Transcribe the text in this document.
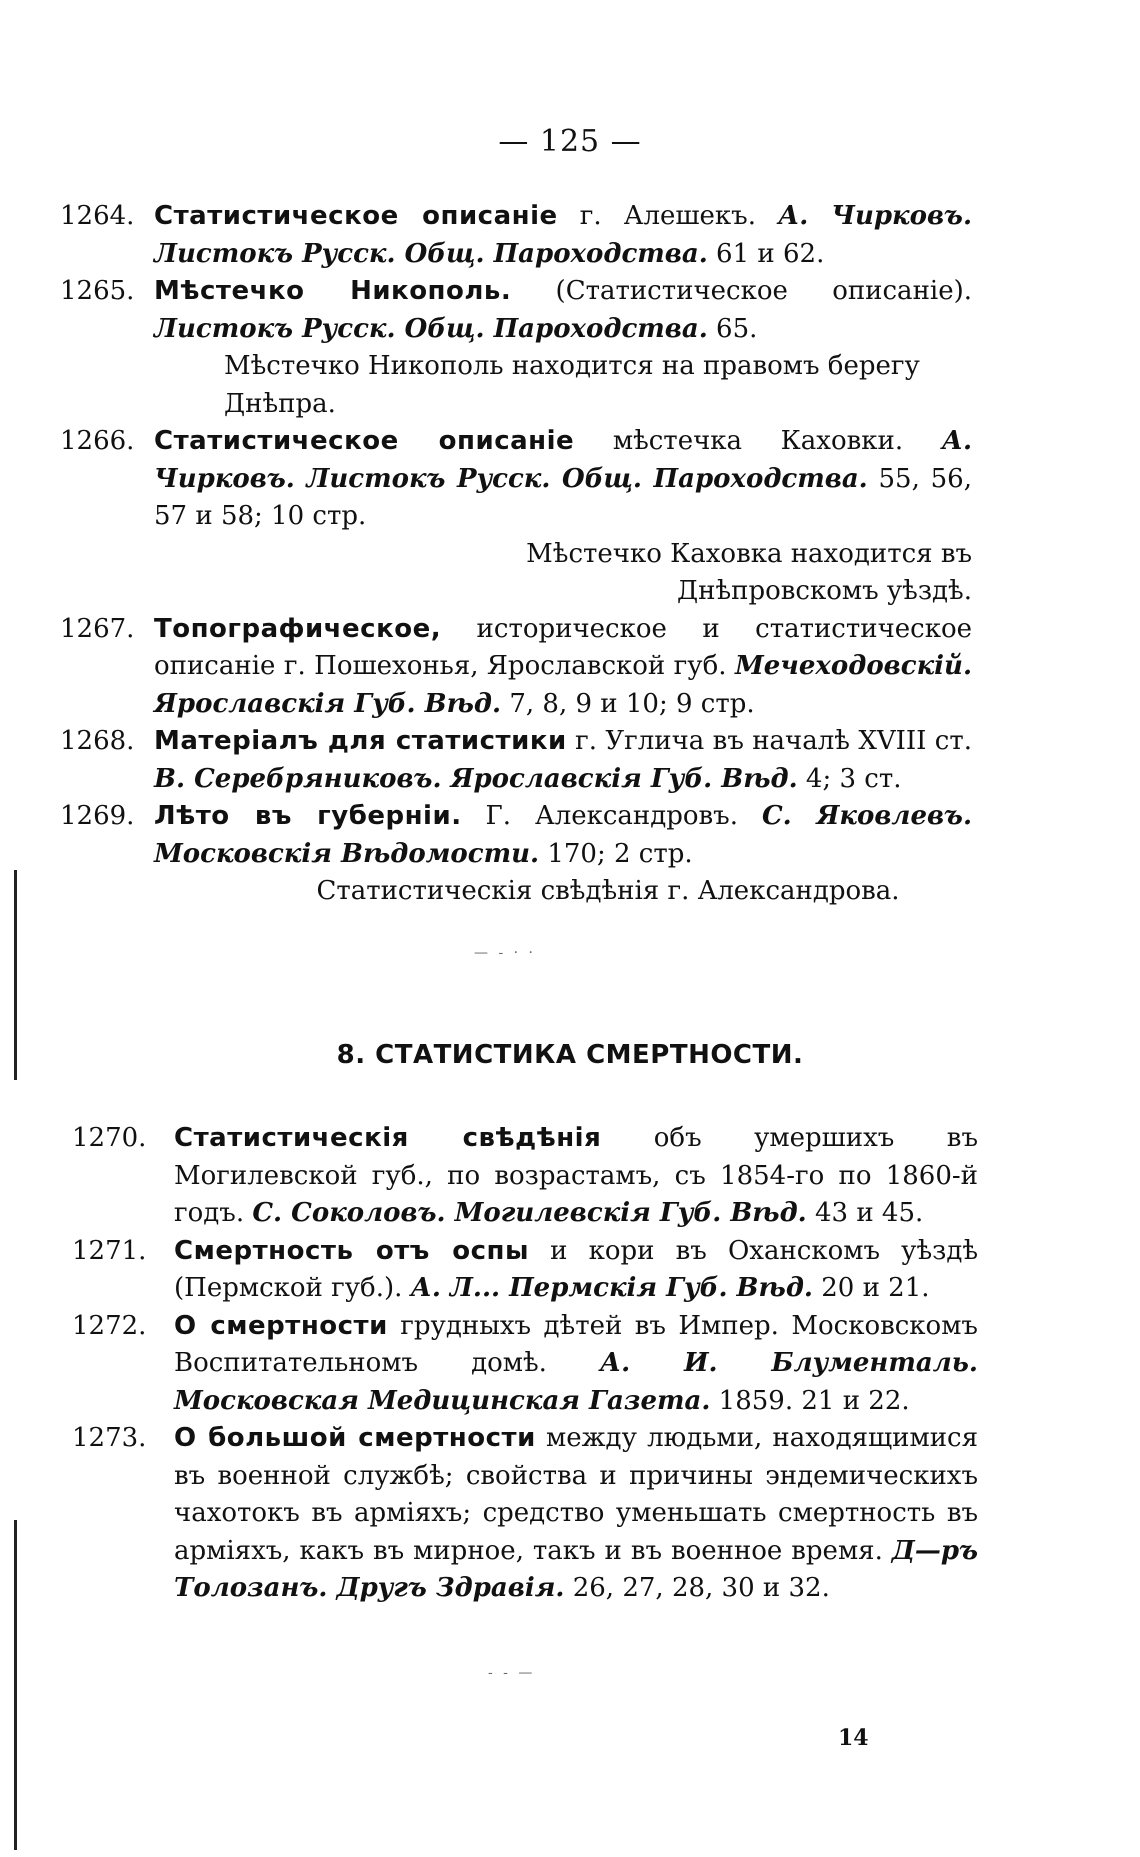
— 125 —
1264. Статистическое описаніе г. Алешекъ. А. Чирковъ. Листокъ Русск. Общ. Пароходства. 61 и 62.
1265. Мѣстечко Никополь. (Статистическое описаніе). Листокъ Русск. Общ. Пароходства. 65.
Мѣстечко Никополь находится на правомъ берегу Днѣпра.
1266. Статистическое описаніе мѣстечка Каховки. А. Чирковъ. Листокъ Русск. Общ. Пароходства. 55, 56, 57 и 58; 10 стр.
Мѣстечко Каховка находится въ Днѣпровскомъ уѣздѣ.
1267. Топографическое, историческое и статистическое описаніе г. Пошехонья, Ярославской губ. Мечеходовскій. Ярославскія Губ. Вѣд. 7, 8, 9 и 10; 9 стр.
1268. Матеріалъ для статистики г. Углича въ началѣ XVIII ст. В. Серебряниковъ. Ярославскія Губ. Вѣд. 4; 3 ст.
1269. Лѣто въ губерніи. Г. Александровъ. С. Яковлевъ. Московскія Вѣдомости. 170; 2 стр.
Статистическія свѣдѣнія г. Александрова.
— - · ·
8. СТАТИСТИКА СМЕРТНОСТИ.
1270. Статистическія свѣдѣнія объ умершихъ въ Могилевской губ., по возрастамъ, съ 1854-го по 1860-й годъ. С. Соколовъ. Могилевскія Губ. Вѣд. 43 и 45.
1271. Смертность отъ оспы и кори въ Оханскомъ уѣздѣ (Пермской губ.). А. Л... Пермскія Губ. Вѣд. 20 и 21.
1272. О смертности грудныхъ дѣтей въ Импер. Московскомъ Воспитательномъ домѣ. А. И. Блументаль. Московская Медицинская Газета. 1859. 21 и 22.
1273. О большой смертности между людьми, находящимися въ военной службѣ; свойства и причины эндемическихъ чахотокъ въ арміяхъ; средство уменьшать смертность въ арміяхъ, какъ въ мирное, такъ и въ военное время. Д—ръ Толозанъ. Другъ Здравія. 26, 27, 28, 30 и 32.
- - —
14
